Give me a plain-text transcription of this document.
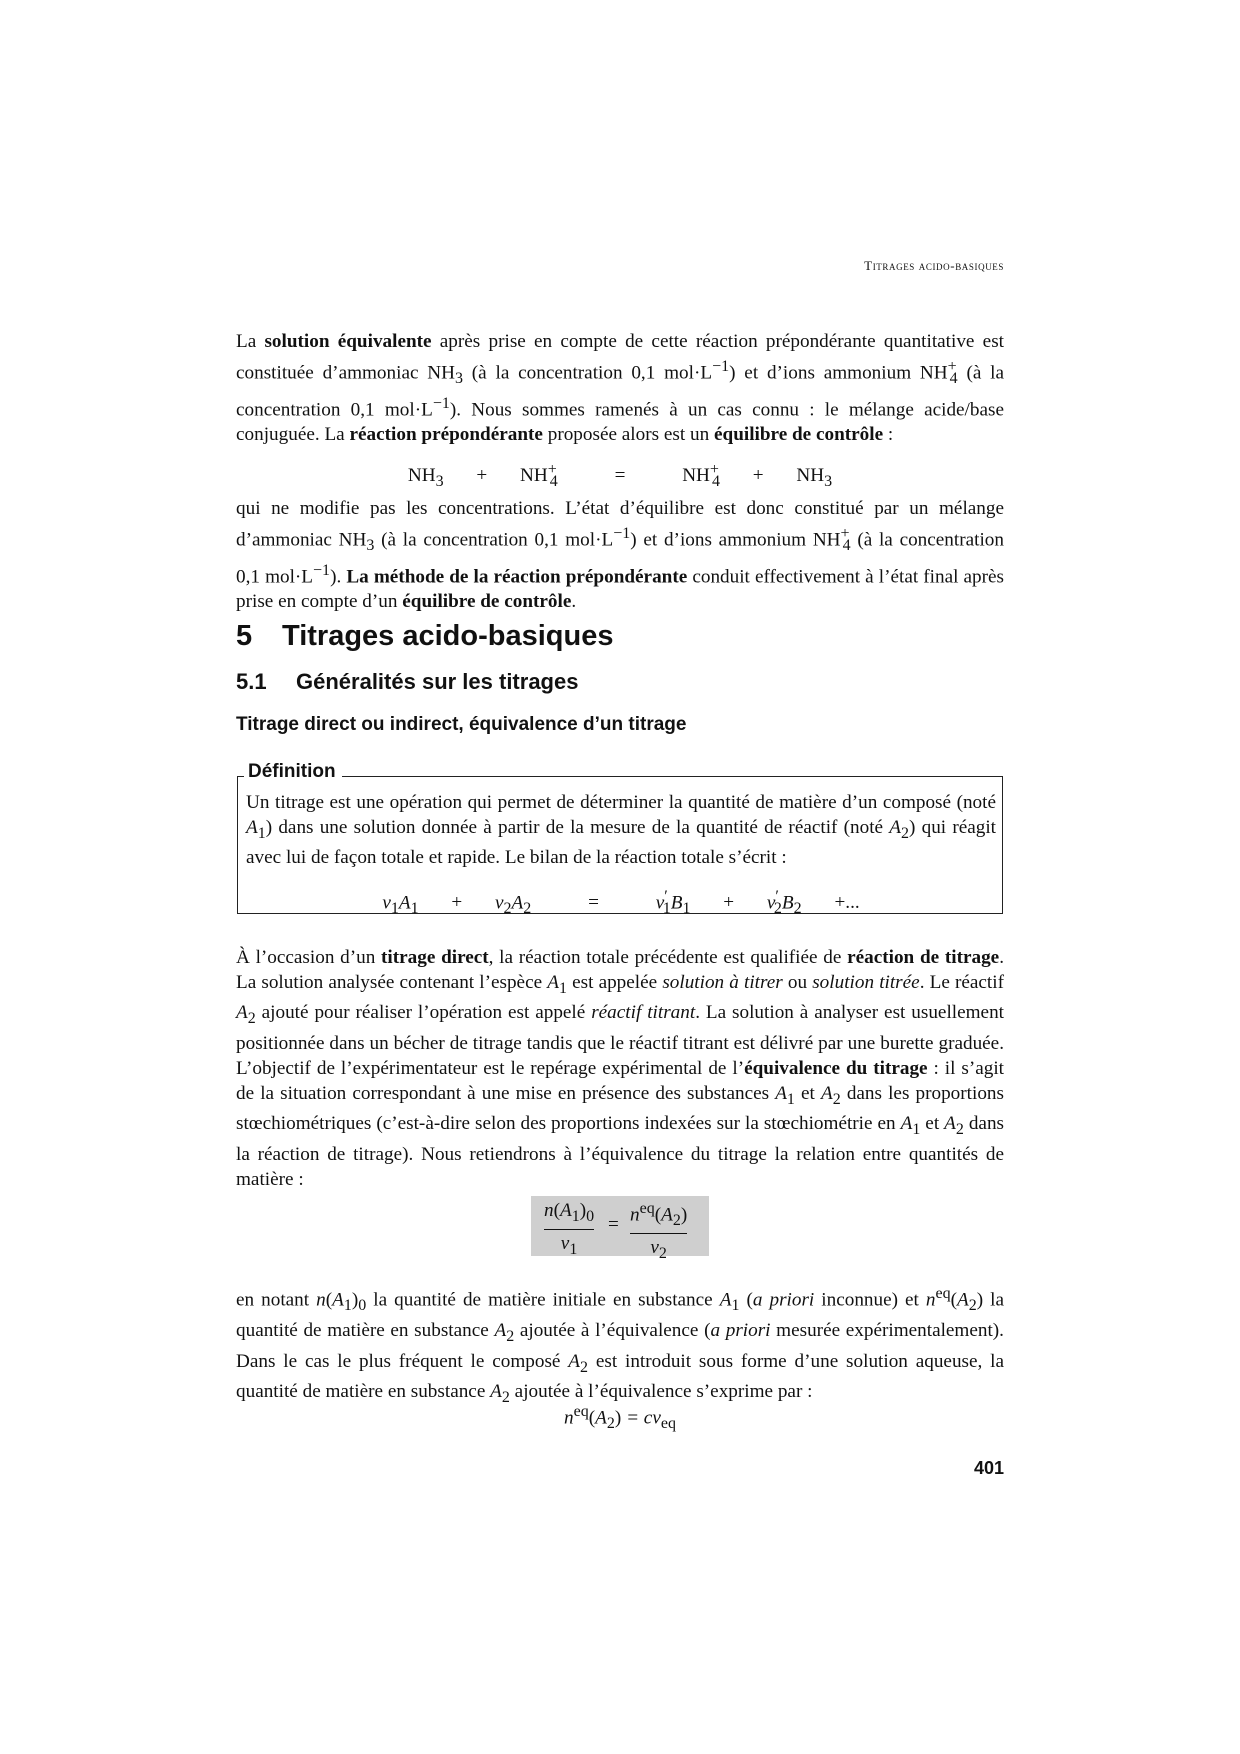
Titrages acido-basiques

La solution équivalente après prise en compte de cette réaction prépondérante quantitative est constituée d’ammoniac $NH_3$ (à la concentration 0,1 $mol\cdot L^{-1}$) et d’ions ammonium $NH^+_4$ (à la concentration 0,1 $mol\cdot L^{-1}$). Nous sommes ramenés à un cas connu : le mélange acide/base conjuguée. La réaction prépondérante proposée alors est un équilibre de contrôle :

$NH_3 + NH^+_4$	=	$NH^+_4 + NH_3$

qui ne modifie pas les concentrations. L’état d’équilibre est donc constitué par un mélange d’ammoniac $NH_3$ (à la concentration 0,1 $mol\cdot L^{-1}$) et d’ions ammonium $NH^+_4$ (à la concentration 0,1 $mol\cdot L^{-1}$). La méthode de la réaction prépondérante conduit effectivement à l’état final après prise en compte d’un équilibre de contrôle.

5 Titrages acido-basiques
5.1 Généralités sur les titrages
Titrage direct ou indirect, équivalence d’un titrage
Définition
Un titrage est une opération qui permet de déterminer la quantité de matière d’un composé (noté $A_1$) dans une solution donnée à partir de la mesure de la quantité de réactif (noté $A_2$) qui réagit avec lui de façon totale et rapide. Le bilan de la réaction totale s’écrit :
$\nu_1A_1 + \nu_2A_2$	=	$\nu'_1B_1 + \nu'_2B_2$ +...

À l’occasion d’un titrage direct, la réaction totale précédente est qualifiée de réaction de titrage. La solution analysée contenant l’espèce $A_1$ est appelée solution à titrer ou solution titrée. Le réactif $A_2$ ajouté pour réaliser l’opération est appelé réactif titrant. La solution à analyser est usuellement positionnée dans un bécher de titrage tandis que le réactif titrant est délivré par une burette graduée. L’objectif de l’expérimentateur est le repérage expérimental de l’équivalence du titrage : il s’agit de la situation correspondant à une mise en présence des substances $A_1$ et $A_2$ dans les proportions stœchiométriques (c’est-à-dire selon des proportions indexées sur la stœchiométrie en $A_1$ et $A_2$ dans la réaction de titrage). Nous retiendrons à l’équivalence du titrage la relation entre quantités de matière :

$n(A_1)_0$
$\nu_1$
= $n^{eq}(A_2)$
$\nu_2$

en notant $n(A_1)_0$ la quantité de matière initiale en substance $A_1$ (a priori inconnue) et $n^{eq}(A_2)$ la quantité de matière en substance $A_2$ ajoutée à l’équivalence (a priori mesurée expérimentalement). Dans le cas le plus fréquent le composé $A_2$ est introduit sous forme d’une solution aqueuse, la quantité de matière en substance $A_2$ ajoutée à l’équivalence s’exprime par :

$n^{eq}(A_2) = cv_{eq}$
401
